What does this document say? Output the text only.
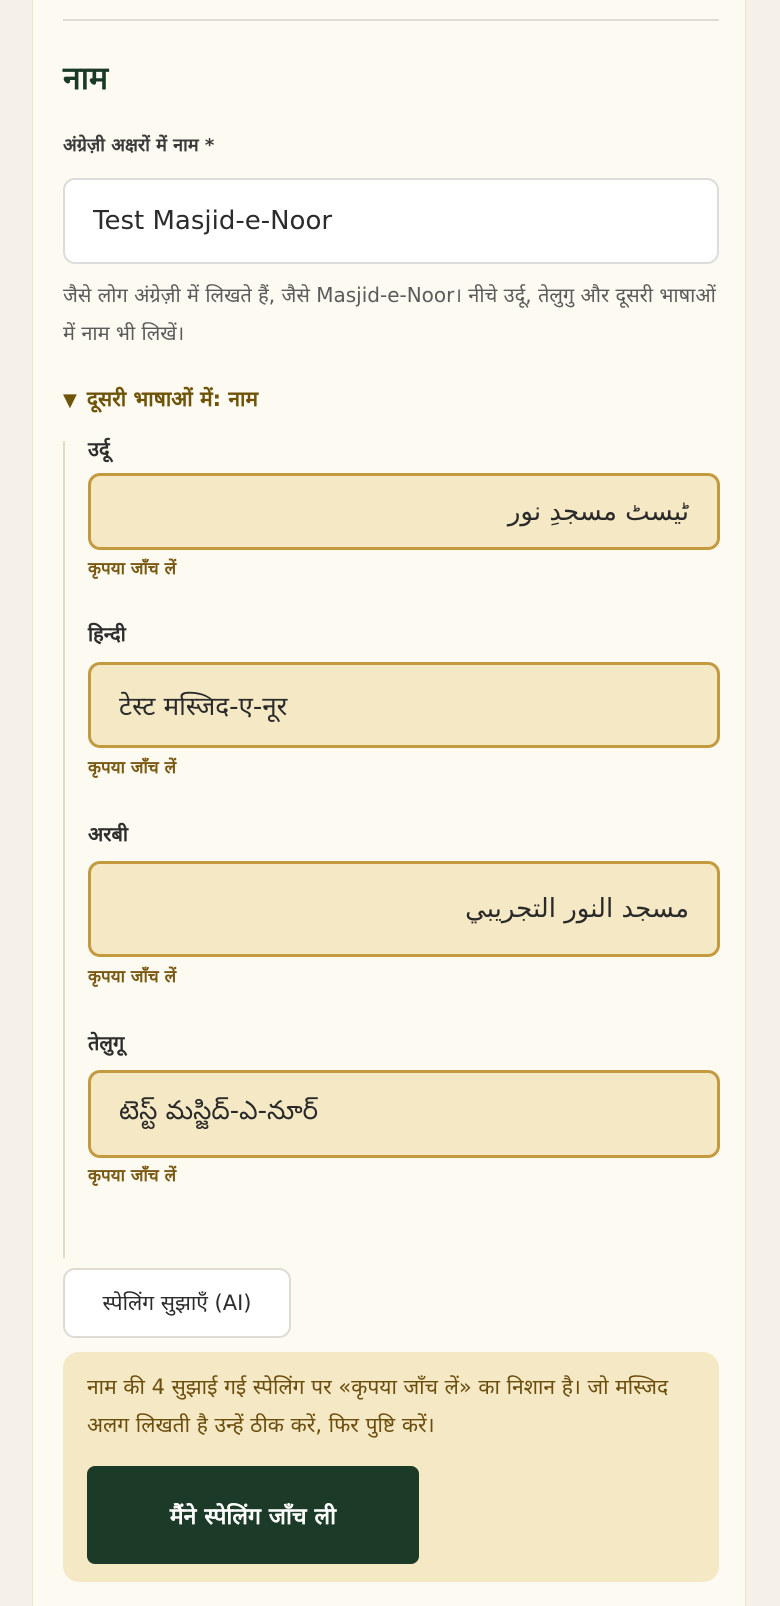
नाम
अंग्रेज़ी अक्षरों में नाम *
Test Masjid-e-Noor

जैसे लोग अंग्रेज़ी में लिखते हैं, जैसे Masjid-e-Noor। नीचे उर्दू, तेलुगु और दूसरी भाषाओं में नाम भी लिखें।

▼ दूसरी भाषाओं में: नाम
उर्दू
ٹیسٹ مسجدِ نور
कृपया जाँच लें
हिन्दी
टेस्ट मस्जिद-ए-नूर
कृपया जाँच लें
अरबी
مسجد النور التجريبي
कृपया जाँच लें
तेलुगू
టెస్ట్ మస్జిద్-ఎ-నూర్
कृपया जाँच लें
स्पेलिंग सुझाएँ (AI)

नाम की 4 सुझाई गई स्पेलिंग पर «कृपया जाँच लें» का निशान है। जो मस्जिद अलग लिखती है उन्हें ठीक करें, फिर पुष्टि करें।

मैंने स्पेलिंग जाँच ली
